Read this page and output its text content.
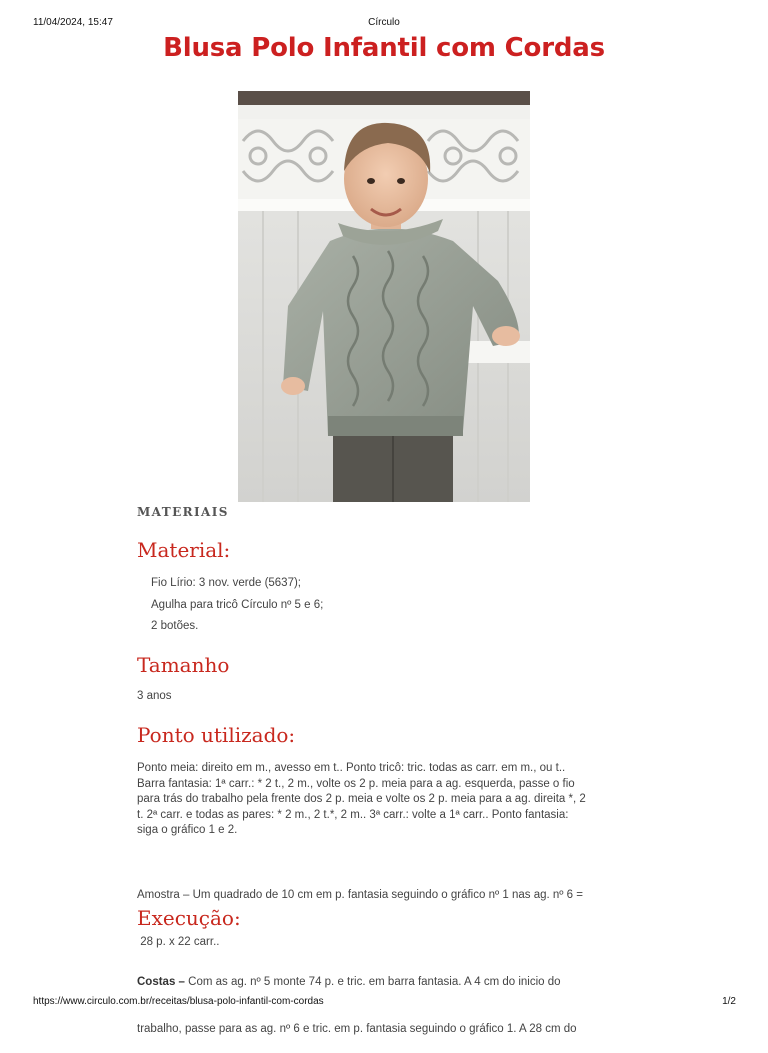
11/04/2024, 15:47	Círculo
Blusa Polo Infantil com Cordas
MATERIAIS
Material:
Fio Lírio: 3 nov. verde (5637);
Agulha para tricô Círculo nº 5 e 6;
2 botões.
Tamanho
3 anos
Ponto utilizado:
Ponto meia: direito em m., avesso em t.. Ponto tricô: tric. todas as carr. em m., ou t..
Barra fantasia: 1ª carr.: * 2 t., 2 m., volte os 2 p. meia para a ag. esquerda, passe o fio
para trás do trabalho pela frente dos 2 p. meia e volte os 2 p. meia para a ag. direita *, 2
t. 2ª carr. e todas as pares: * 2 m., 2 t.*, 2 m.. 3ª carr.: volte a 1ª carr.. Ponto fantasia:
siga o gráfico 1 e 2.

Amostra – Um quadrado de 10 cm em p. fantasia seguindo o gráfico nº 1 nas ag. nº 6 =

28 p. x 22 carr..

Execução:

Costas – Com as ag. nº 5 monte 74 p. e tric. em barra fantasia. A 4 cm do inicio do

trabalho, passe para as ag. nº 6 e tric. em p. fantasia seguindo o gráfico 1. A 28 cm do

https://www.circulo.com.br/receitas/blusa-polo-infantil-com-cordas	1/2
